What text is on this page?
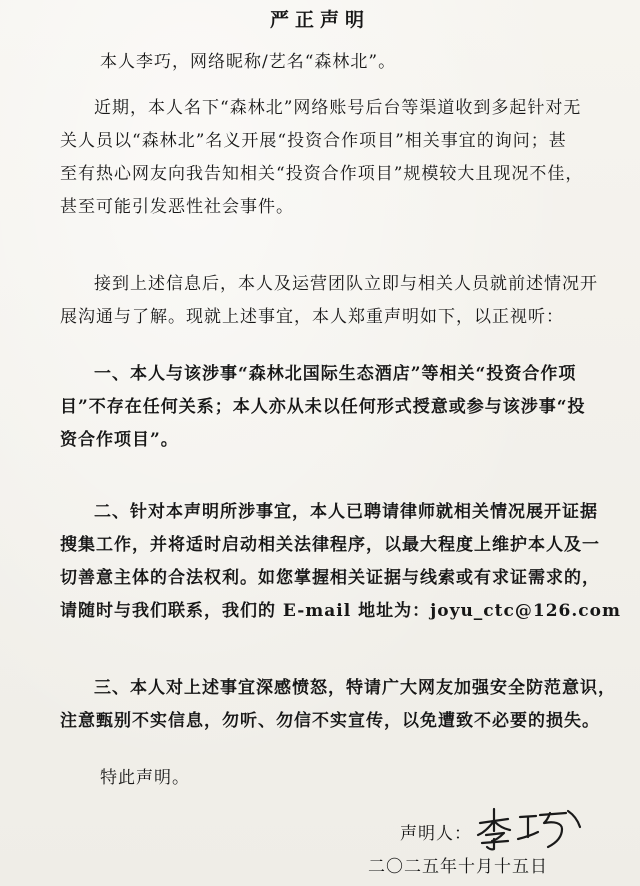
严正声明
本人李巧，网络昵称/艺名“森林北”。
近期，本人名下“森林北”网络账号后台等渠道收到多起针对无
关人员以“森林北”名义开展“投资合作项目”相关事宜的询问；甚
至有热心网友向我告知相关“投资合作项目”规模较大且现况不佳，
甚至可能引发恶性社会事件。
接到上述信息后，本人及运营团队立即与相关人员就前述情况开
展沟通与了解。现就上述事宜，本人郑重声明如下，以正视听：
一、本人与该涉事“森林北国际生态酒店”等相关“投资合作项
目”不存在任何关系；本人亦从未以任何形式授意或参与该涉事“投
资合作项目”。
二、针对本声明所涉事宜，本人已聘请律师就相关情况展开证据
搜集工作，并将适时启动相关法律程序，以最大程度上维护本人及一
切善意主体的合法权利。如您掌握相关证据与线索或有求证需求的，
请随时与我们联系，我们的 E-mail 地址为：joyu_ctc@126.com
三、本人对上述事宜深感愤怒，特请广大网友加强安全防范意识，
注意甄别不实信息，勿听、勿信不实宣传，以免遭致不必要的损失。
特此声明。
声明人：
二〇二五年十月十五日
